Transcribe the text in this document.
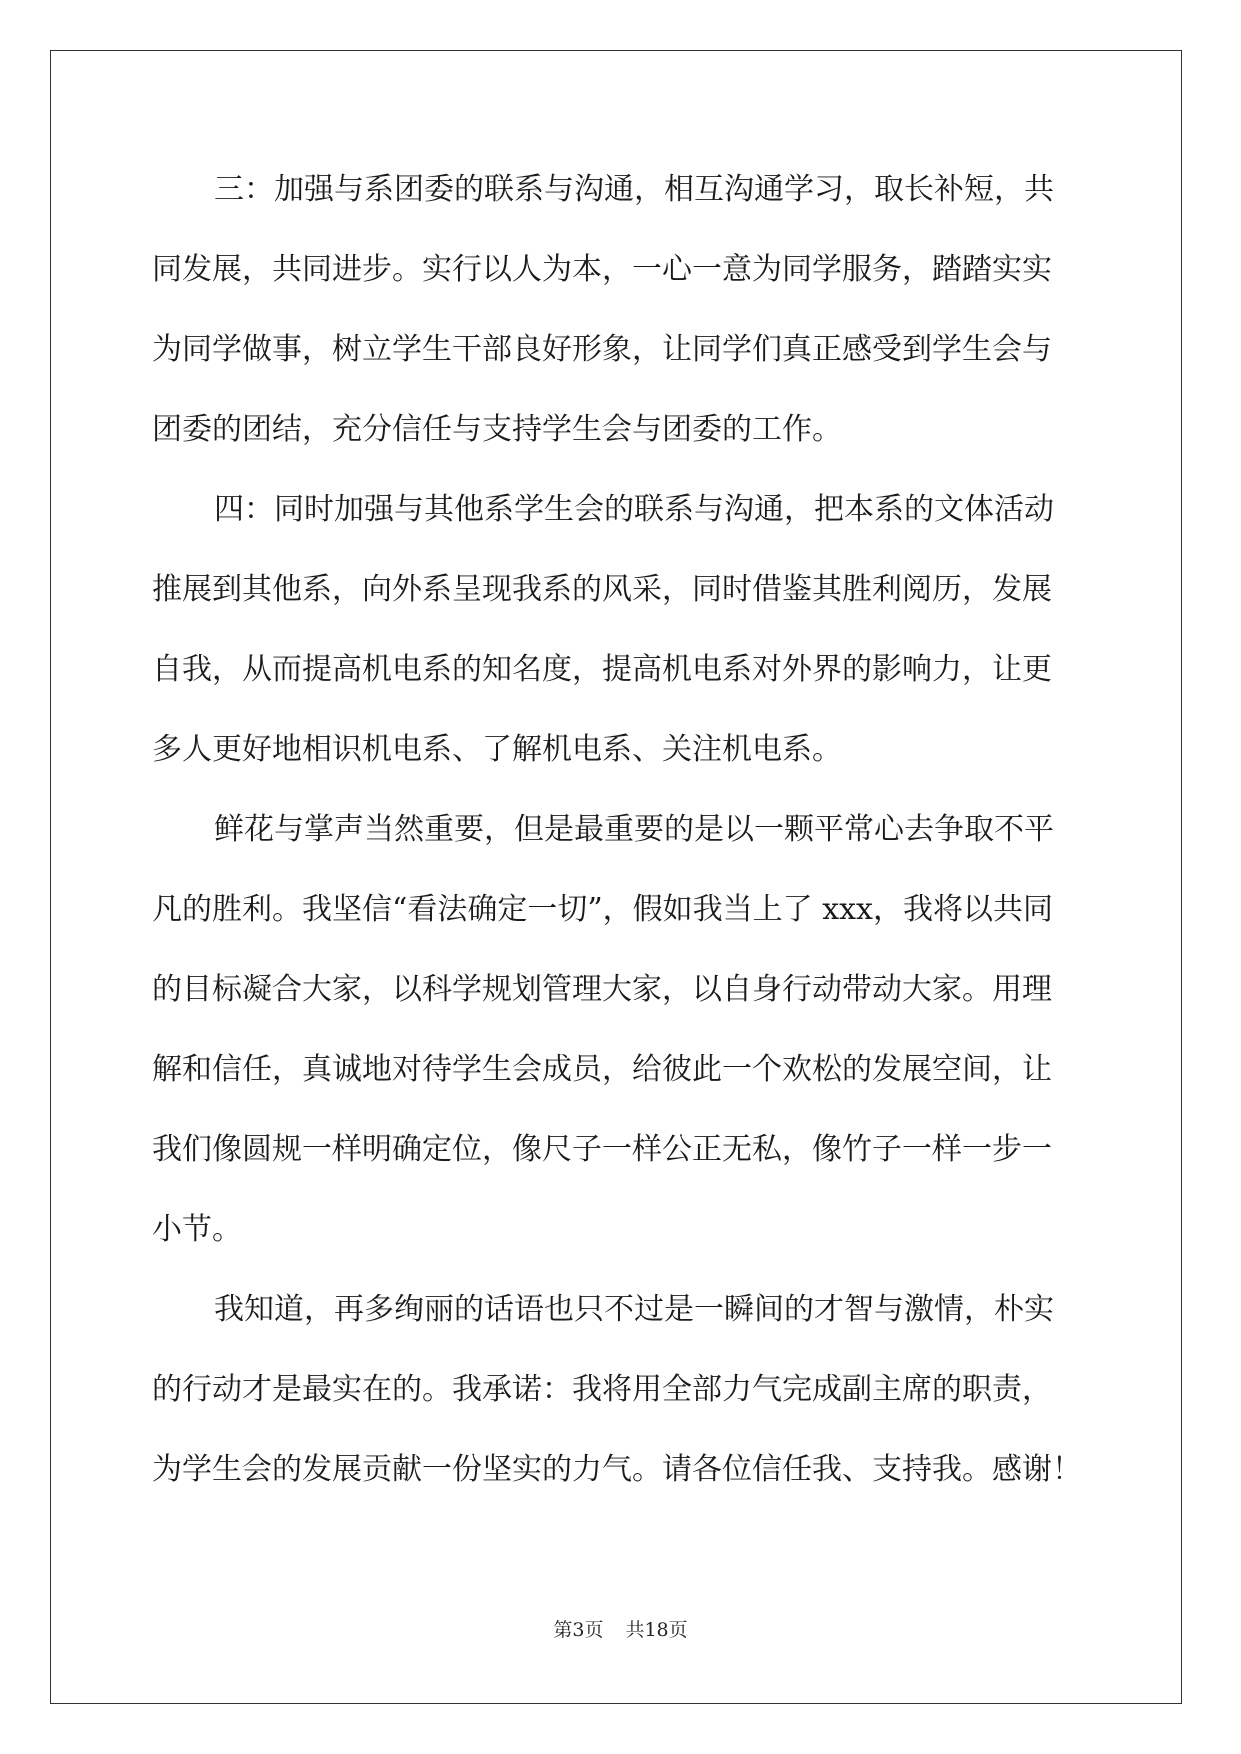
三：加强与系团委的联系与沟通，相互沟通学习，取长补短，共
同发展，共同进步。实行以人为本，一心一意为同学服务，踏踏实实
为同学做事，树立学生干部良好形象，让同学们真正感受到学生会与
团委的团结，充分信任与支持学生会与团委的工作。
四：同时加强与其他系学生会的联系与沟通，把本系的文体活动
推展到其他系，向外系呈现我系的风采，同时借鉴其胜利阅历，发展
自我，从而提高机电系的知名度，提高机电系对外界的影响力，让更
多人更好地相识机电系、了解机电系、关注机电系。
鲜花与掌声当然重要，但是最重要的是以一颗平常心去争取不平
凡的胜利。我坚信“看法确定一切”，假如我当上了 xxx，我将以共同
的目标凝合大家，以科学规划管理大家，以自身行动带动大家。用理
解和信任，真诚地对待学生会成员，给彼此一个欢松的发展空间，让
我们像圆规一样明确定位，像尺子一样公正无私，像竹子一样一步一
小节。
我知道，再多绚丽的话语也只不过是一瞬间的才智与激情，朴实
的行动才是最实在的。我承诺：我将用全部力气完成副主席的职责，
为学生会的发展贡献一份坚实的力气。请各位信任我、支持我。感谢！
第3页 共18页
